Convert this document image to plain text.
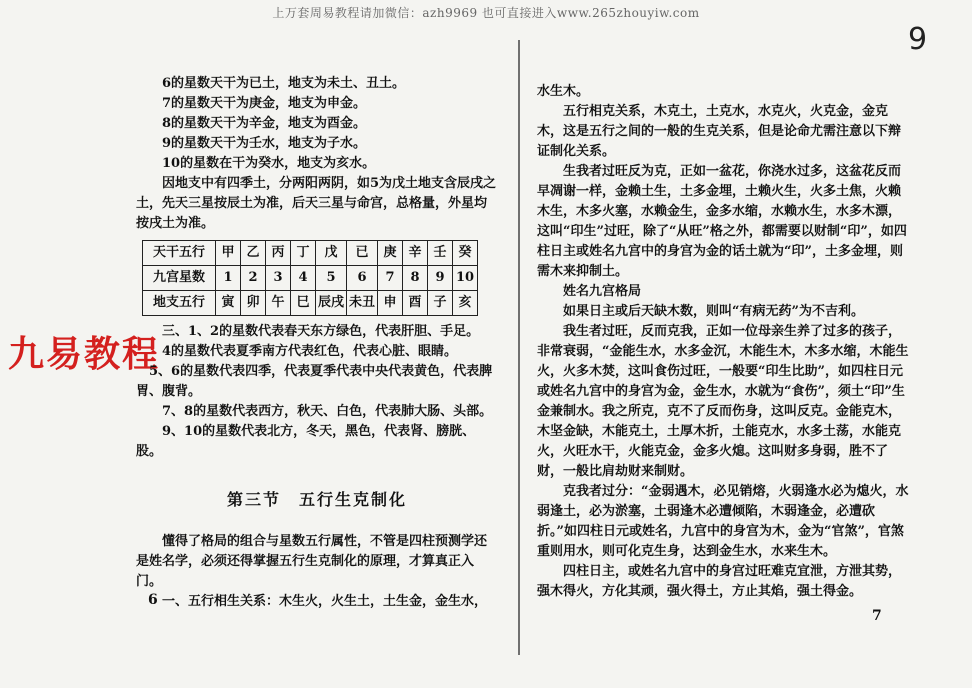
上万套周易教程请加微信：azh9969 也可直接进入www.265zhouyiw.com
9
九易教程

6的星数天干为已土，地支为未土、丑土。

7的星数天干为庚金，地支为申金。

8的星数天干为辛金，地支为酉金。

9的星数天干为壬水，地支为子水。

10的星数在干为癸水，地支为亥水。

因地支中有四季土，分两阳两阴，如5为戊土地支含辰戌之土，先天三星按辰土为准，后天三星与命宫，总格量，外星均按戌土为准。

天干五行	甲	乙	丙	丁	戊	已	庚	辛	壬	癸
九宫星数	1	2	3	4	5	6	7	8	9	10
地支五行	寅	卯	午	巳	辰戌	未丑	申	酉	子	亥

三、1、2的星数代表春天东方绿色，代表肝胆、手足。

4的星数代表夏季南方代表红色，代表心脏、眼睛。

5、6的星数代表四季，代表夏季代表中央代表黄色，代表脾胃、腹背。

7、8的星数代表西方，秋天、白色，代表肺大肠、头部。

9、10的星数代表北方，冬天，黑色，代表肾、膀胱、股。

第三节　五行生克制化

懂得了格局的组合与星数五行属性，不管是四柱预测学还是姓名学，必须还得掌握五行生克制化的原理，才算真正入门。

一、五行相生关系：木生火，火生土，土生金，金生水，

6

水生木。

五行相克关系，木克土，土克水，水克火，火克金，金克木，这是五行之间的一般的生克关系，但是论命尤需注意以下辩证制化关系。

生我者过旺反为克，正如一盆花，你浇水过多，这盆花反而早凋谢一样，金赖土生，土多金埋，土赖火生，火多土焦，火赖木生，木多火塞，水赖金生，金多水缩，水赖水生，水多木漂，这叫“印生”过旺，除了“从旺”格之外，都需要以财制“印”，如四柱日主或姓名九宫中的身宫为金的话土就为“印”，土多金埋，则需木来抑制土。

姓名九宫格局

如果日主或后天缺木数，则叫“有病无药”为不吉利。

我生者过旺，反而克我，正如一位母亲生养了过多的孩子，非常衰弱，“金能生水，水多金沉，木能生木，木多水缩，木能生火，火多木焚，这叫食伤过旺，一般要“印生比助”，如四柱日元或姓名九宫中的身宫为金，金生水，水就为“食伤”，须土“印”生金兼制水。我之所克，克不了反而伤身，这叫反克。金能克木，木坚金缺，木能克土，土厚木折，土能克水，水多土荡，水能克火，火旺水干，火能克金，金多火熄。这叫财多身弱，胜不了财，一般比肩劫财来制财。

克我者过分：“金弱遇木，必见销熔，火弱逢水必为熄火，水弱逢土，必为淤塞，土弱逢木必遭倾陷，木弱逢金，必遭砍折。”如四柱日元或姓名，九宫中的身宫为木，金为“官煞”，官煞重则用水，则可化克生身，达到金生水，水来生木。

四柱日主，或姓名九宫中的身宫过旺难克宜泄，方泄其势，强木得火，方化其顽，强火得土，方止其焰，强土得金。

7
